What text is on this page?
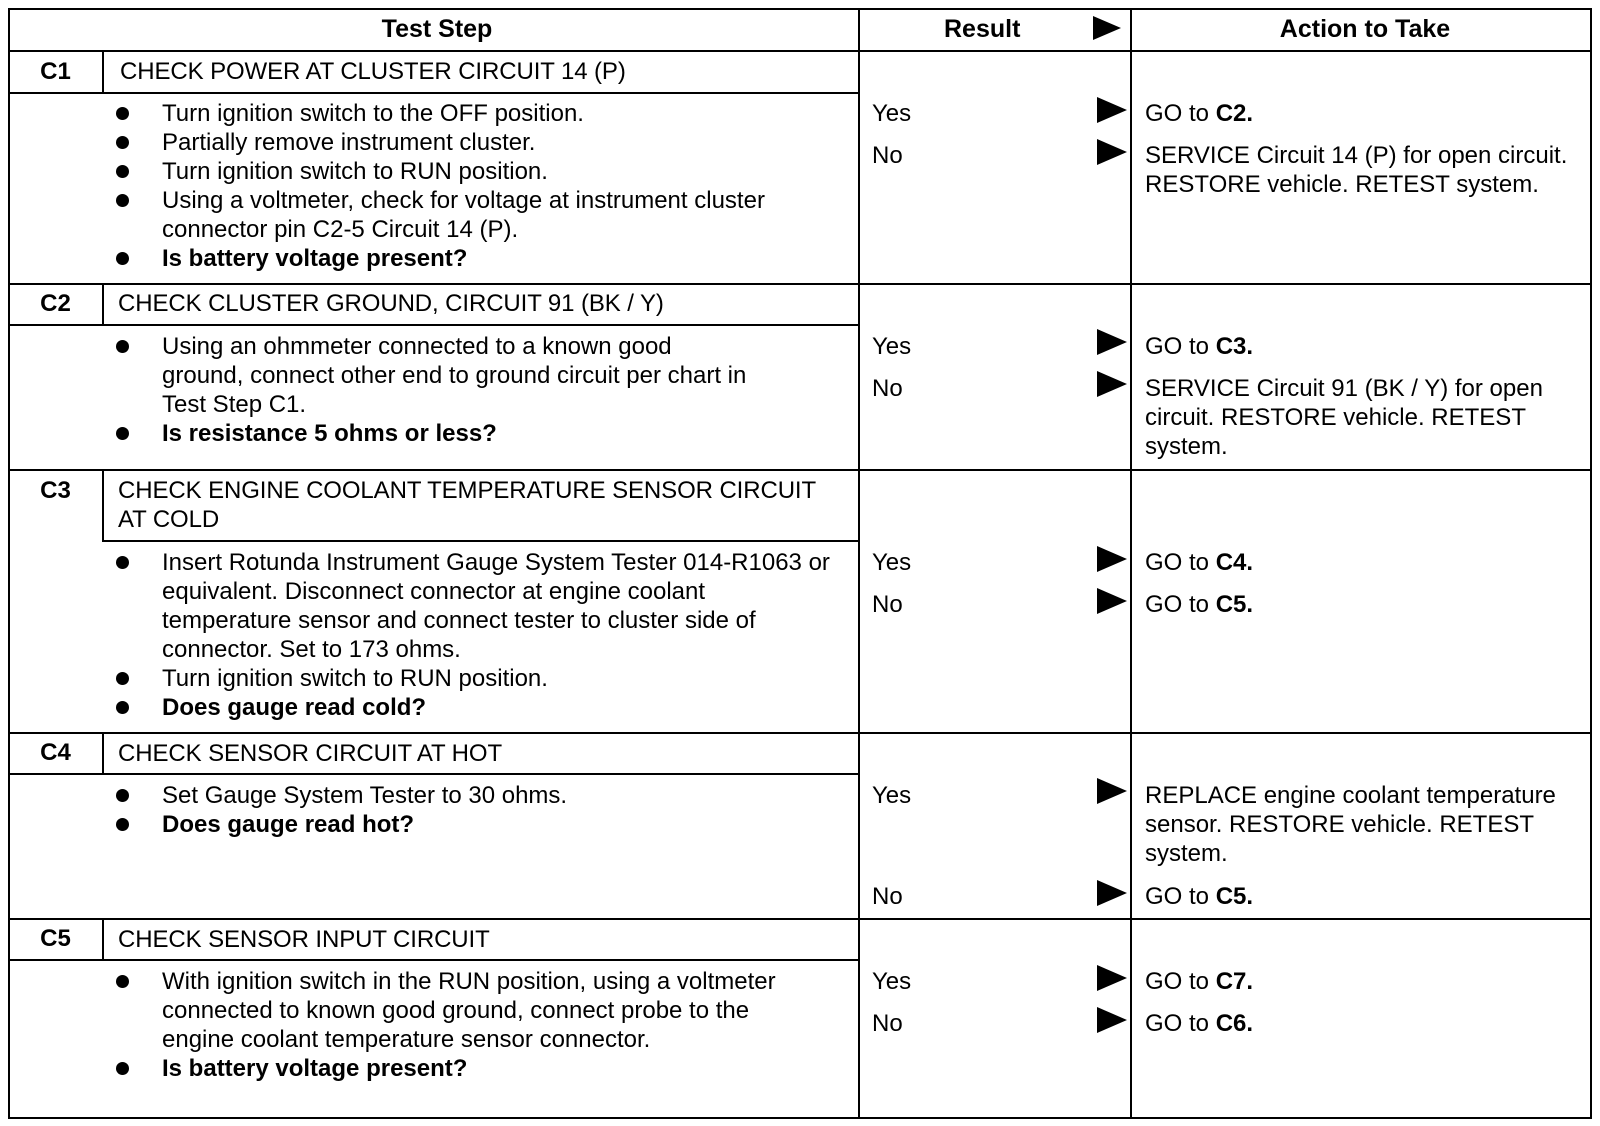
Test Step	Result	Action to Take
C1	CHECK POWER AT CLUSTER CIRCUIT 14 (P)
Turn ignition switch to the OFF position.
Partially remove instrument cluster.
Turn ignition switch to RUN position.
Using a voltmeter, check for voltage at instrument cluster connector pin C2-5 Circuit 14 (P).
Is battery voltage present?
Yes	GO to C2.
No	SERVICE Circuit 14 (P) for open circuit. RESTORE vehicle. RETEST system.
C2	CHECK CLUSTER GROUND, CIRCUIT 91 (BK / Y)
Using an ohmmeter connected to a known good ground, connect other end to ground circuit per chart in Test Step C1.
Is resistance 5 ohms or less?
Yes	GO to C3.
No	SERVICE Circuit 91 (BK / Y) for open circuit. RESTORE vehicle. RETEST system.
C3	CHECK ENGINE COOLANT TEMPERATURE SENSOR CIRCUIT AT COLD
Insert Rotunda Instrument Gauge System Tester 014-R1063 or equivalent. Disconnect connector at engine coolant temperature sensor and connect tester to cluster side of connector. Set to 173 ohms.
Turn ignition switch to RUN position.
Does gauge read cold?
Yes	GO to C4.
No	GO to C5.
C4	CHECK SENSOR CIRCUIT AT HOT
Set Gauge System Tester to 30 ohms.
Does gauge read hot?
Yes	REPLACE engine coolant temperature sensor. RESTORE vehicle. RETEST system.
No	GO to C5.
C5	CHECK SENSOR INPUT CIRCUIT
With ignition switch in the RUN position, using a voltmeter connected to known good ground, connect probe to the engine coolant temperature sensor connector.
Is battery voltage present?
Yes	GO to C7.
No	GO to C6.
